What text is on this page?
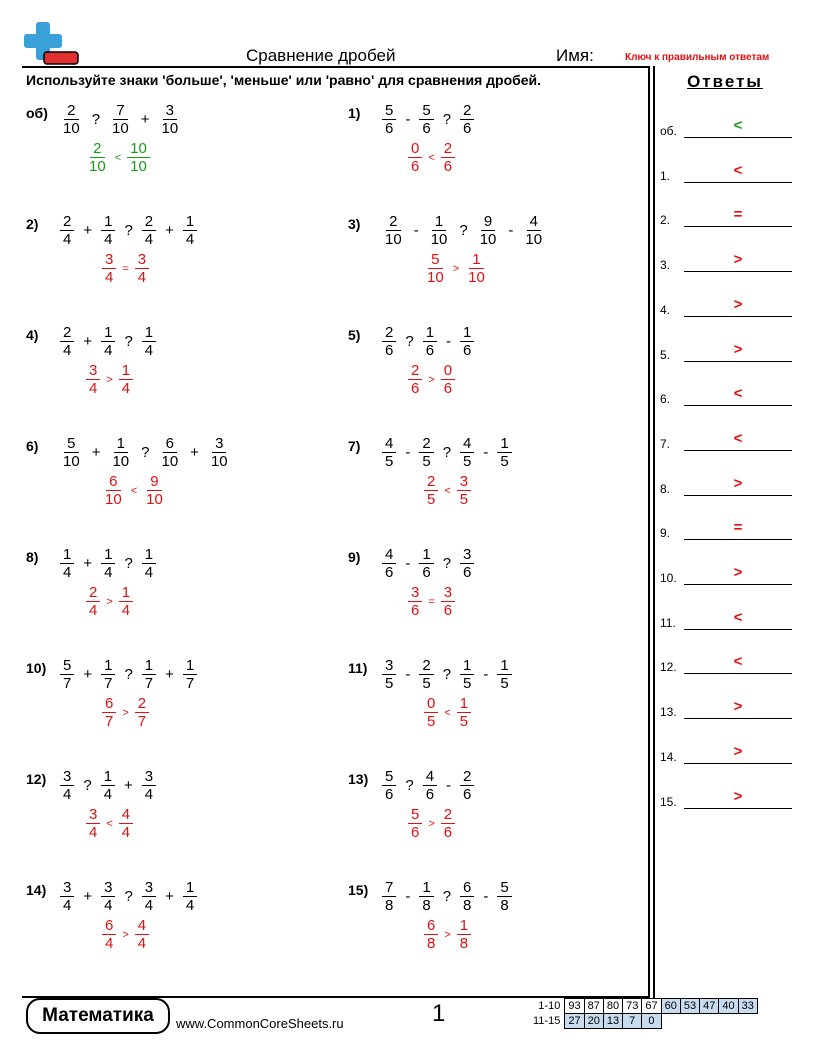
Сравнение дробей	Имя:	Ключ к правильным ответам
Используйте знаки 'больше', 'меньше' или 'равно' для сравнения дробей.	Ответы
об.	<
1.	<
2.	=
3.	>
4.	>
5.	>
6.	<
7.	<
8.	>
9.	=
10.	>
11.	<
12.	<
13.	>
14.	>
15.	>
$об) \frac{2}{10}$ ? $\frac{7}{10} + \frac{3}{10}$
$\frac{2}{10} < \frac{10}{10}$
$1) \frac{5}{6} - \frac{5}{6}$ ? $\frac{2}{6}$
$\frac{0}{6} < \frac{2}{6}$
$2) \frac{2}{4} + \frac{1}{4}$ ? $\frac{2}{4} + \frac{1}{4}$
$\frac{3}{4} = \frac{3}{4}$
$3) \frac{2}{10} - \frac{1}{10}$ ? $\frac{9}{10} - \frac{4}{10}$
$\frac{5}{10} > \frac{1}{10}$
$4) \frac{2}{4} + \frac{1}{4}$ ? $\frac{1}{4}$
$\frac{3}{4} > \frac{1}{4}$
$5) \frac{2}{6}$ ? $\frac{1}{6} - \frac{1}{6}$
$\frac{2}{6} > \frac{0}{6}$
$6) \frac{5}{10} + \frac{1}{10}$ ? $\frac{6}{10} + \frac{3}{10}$
$\frac{6}{10} < \frac{9}{10}$
$7) \frac{4}{5} - \frac{2}{5}$ ? $\frac{4}{5} - \frac{1}{5}$
$\frac{2}{5} < \frac{3}{5}$
$8) \frac{1}{4} + \frac{1}{4}$ ? $\frac{1}{4}$
$\frac{2}{4} > \frac{1}{4}$
$9) \frac{4}{6} - \frac{1}{6}$ ? $\frac{3}{6}$
$\frac{3}{6} = \frac{3}{6}$
$10) \frac{5}{7} + \frac{1}{7}$ ? $\frac{1}{7} + \frac{1}{7}$
$\frac{6}{7} > \frac{2}{7}$
$11) \frac{3}{5} - \frac{2}{5}$ ? $\frac{1}{5} - \frac{1}{5}$
$\frac{0}{5} < \frac{1}{5}$
$12) \frac{3}{4}$ ? $\frac{1}{4} + \frac{3}{4}$
$\frac{3}{4} < \frac{4}{4}$
$13) \frac{5}{6}$ ? $\frac{4}{6} - \frac{2}{6}$
$\frac{5}{6} > \frac{2}{6}$
$14) \frac{3}{4} + \frac{3}{4}$ ? $\frac{3}{4} + \frac{1}{4}$
$\frac{6}{4} > \frac{4}{4}$
$15) \frac{7}{8} - \frac{1}{8}$ ? $\frac{6}{8} - \frac{5}{8}$
$\frac{6}{8} > \frac{1}{8}$
Математика	www.CommonCoreSheets.ru	1	1-10	93	87	80	73	67	60	53	47	40	33
11-15	27	20	13	7	0					
